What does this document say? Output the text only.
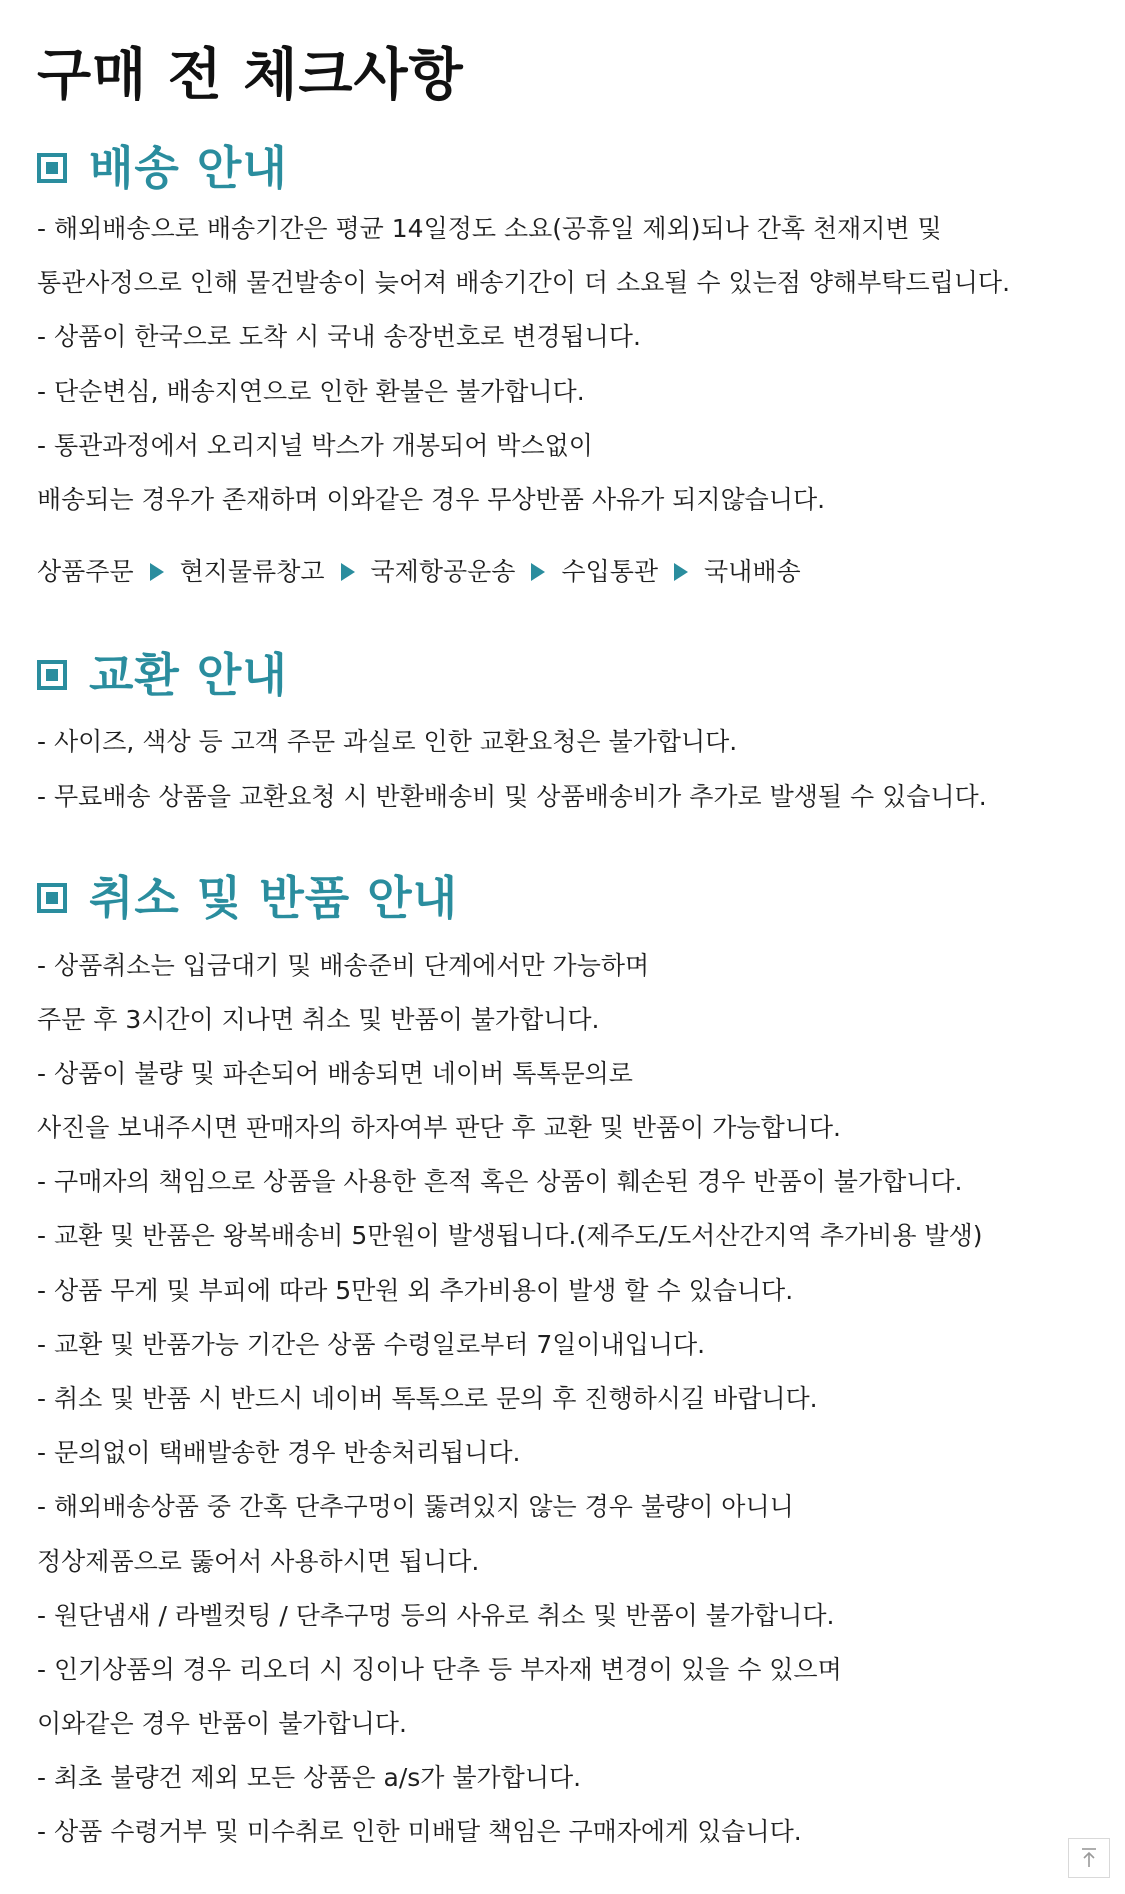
구매 전 체크사항
배송 안내
- 해외배송으로 배송기간은 평균 14일정도 소요(공휴일 제외)되나 간혹 천재지변 및
통관사정으로 인해 물건발송이 늦어져 배송기간이 더 소요될 수 있는점 양해부탁드립니다.
- 상품이 한국으로 도착 시 국내 송장번호로 변경됩니다.
- 단순변심, 배송지연으로 인한 환불은 불가합니다.
- 통관과정에서 오리지널 박스가 개봉되어 박스없이
배송되는 경우가 존재하며 이와같은 경우 무상반품 사유가 되지않습니다.
상품주문 현지물류창고 국제항공운송 수입통관 국내배송
교환 안내
- 사이즈, 색상 등 고객 주문 과실로 인한 교환요청은 불가합니다.
- 무료배송 상품을 교환요청 시 반환배송비 및 상품배송비가 추가로 발생될 수 있습니다.
취소 및 반품 안내
- 상품취소는 입금대기 및 배송준비 단계에서만 가능하며
주문 후 3시간이 지나면 취소 및 반품이 불가합니다.
- 상품이 불량 및 파손되어 배송되면 네이버 톡톡문의로
사진을 보내주시면 판매자의 하자여부 판단 후 교환 및 반품이 가능합니다.
- 구매자의 책임으로 상품을 사용한 흔적 혹은 상품이 훼손된 경우 반품이 불가합니다.
- 교환 및 반품은 왕복배송비 5만원이 발생됩니다.(제주도/도서산간지역 추가비용 발생)
- 상품 무게 및 부피에 따라 5만원 외 추가비용이 발생 할 수 있습니다.
- 교환 및 반품가능 기간은 상품 수령일로부터 7일이내입니다.
- 취소 및 반품 시 반드시 네이버 톡톡으로 문의 후 진행하시길 바랍니다.
- 문의없이 택배발송한 경우 반송처리됩니다.
- 해외배송상품 중 간혹 단추구멍이 뚫려있지 않는 경우 불량이 아니니
정상제품으로 뚫어서 사용하시면 됩니다.
- 원단냄새 / 라벨컷팅 / 단추구멍 등의 사유로 취소 및 반품이 불가합니다.
- 인기상품의 경우 리오더 시 징이나 단추 등 부자재 변경이 있을 수 있으며
이와같은 경우 반품이 불가합니다.
- 최초 불량건 제외 모든 상품은 a/s가 불가합니다.
- 상품 수령거부 및 미수취로 인한 미배달 책임은 구매자에게 있습니다.
